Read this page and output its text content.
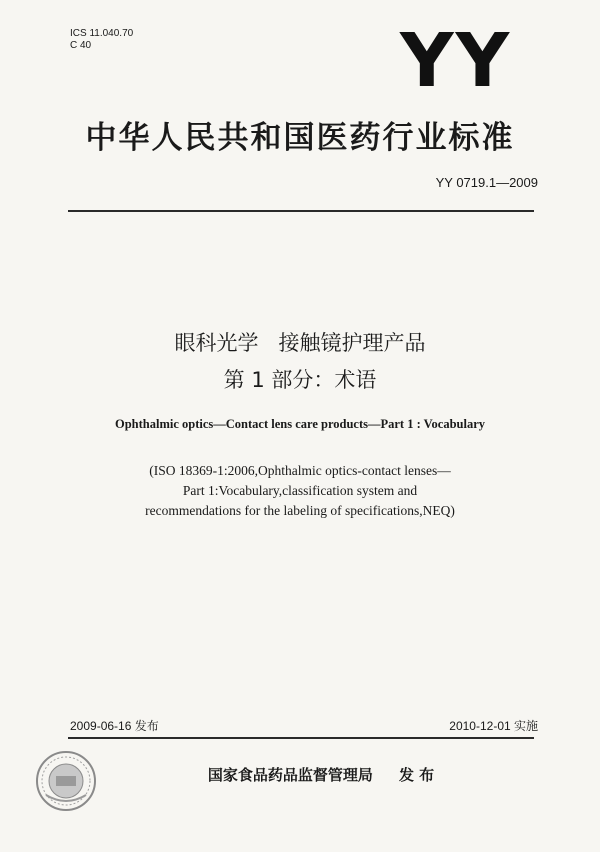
ICS 11.040.70
C 40	YY
中华人民共和国医药行业标准
YY 0719.1—2009
眼科光学   接触镜护理产品
第 1 部分：术语
Ophthalmic optics—Contact lens care products—Part 1 : Vocabulary
(ISO 18369-1:2006,Ophthalmic optics-contact lenses—
Part 1:Vocabulary,classification system and
recommendations for the labeling of specifications,NEQ)
2009-06-16 发布	2010-12-01 实施
国家食品药品监督管理局     发 布
